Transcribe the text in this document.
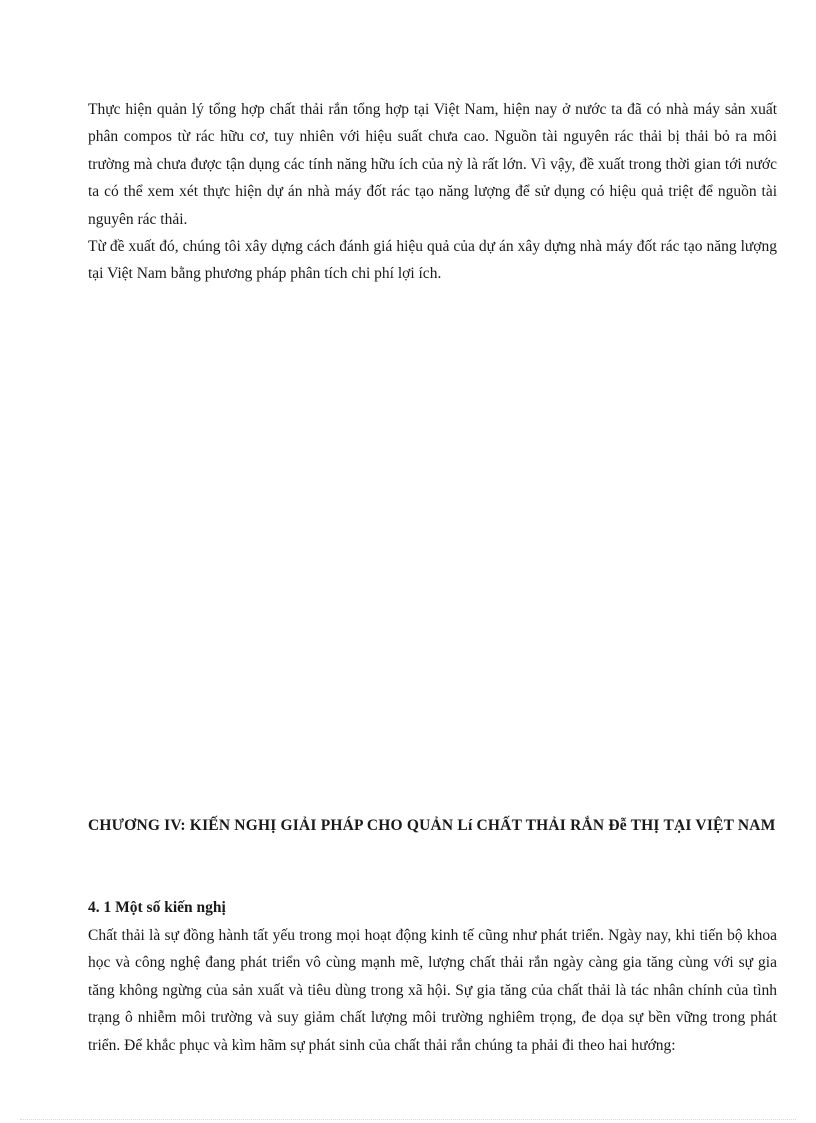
Thực hiện quản lý tổng hợp chất thải rắn tổng hợp tại Việt Nam, hiện nay ở nước ta đã có nhà máy sản xuất phân compos từ rác hữu cơ, tuy nhiên với hiệu suất chưa cao. Nguồn tài nguyên rác thải bị thải bỏ ra môi trường mà chưa được tận dụng các tính năng hữu ích của nỳ là rất lớn. Vì vậy, đề xuất trong thời gian tới nước ta có thể xem xét thực hiện dự án nhà máy đốt rác tạo năng lượng để sử dụng có hiệu quả triệt để nguồn tài nguyên rác thải.

Từ đề xuất đó, chúng tôi xây dựng cách đánh giá hiệu quả của dự án xây dựng nhà máy đốt rác tạo năng lượng tại Việt Nam bằng phương pháp phân tích chi phí lợi ích.

CHƯƠNG IV: KIẾN NGHỊ GIẢI PHÁP CHO QUẢN Lí CHẤT THẢI RẮN Đễ THỊ TẠI VIỆT NAM
4. 1 Một số kiến nghị

Chất thải là sự đồng hành tất yếu trong mọi hoạt động kinh tế cũng như phát triển. Ngày nay, khi tiến bộ khoa học và công nghệ đang phát triển vô cùng mạnh mẽ, lượng chất thải rắn ngày càng gia tăng cùng với sự gia tăng không ngừng của sản xuất và tiêu dùng trong xã hội. Sự gia tăng của chất thải là tác nhân chính của tình trạng ô nhiễm môi trường và suy giảm chất lượng môi trường nghiêm trọng, đe dọa sự bền vững trong phát triển. Để khắc phục và kìm hãm sự phát sinh của chất thải rắn chúng ta phải đi theo hai hướng:
